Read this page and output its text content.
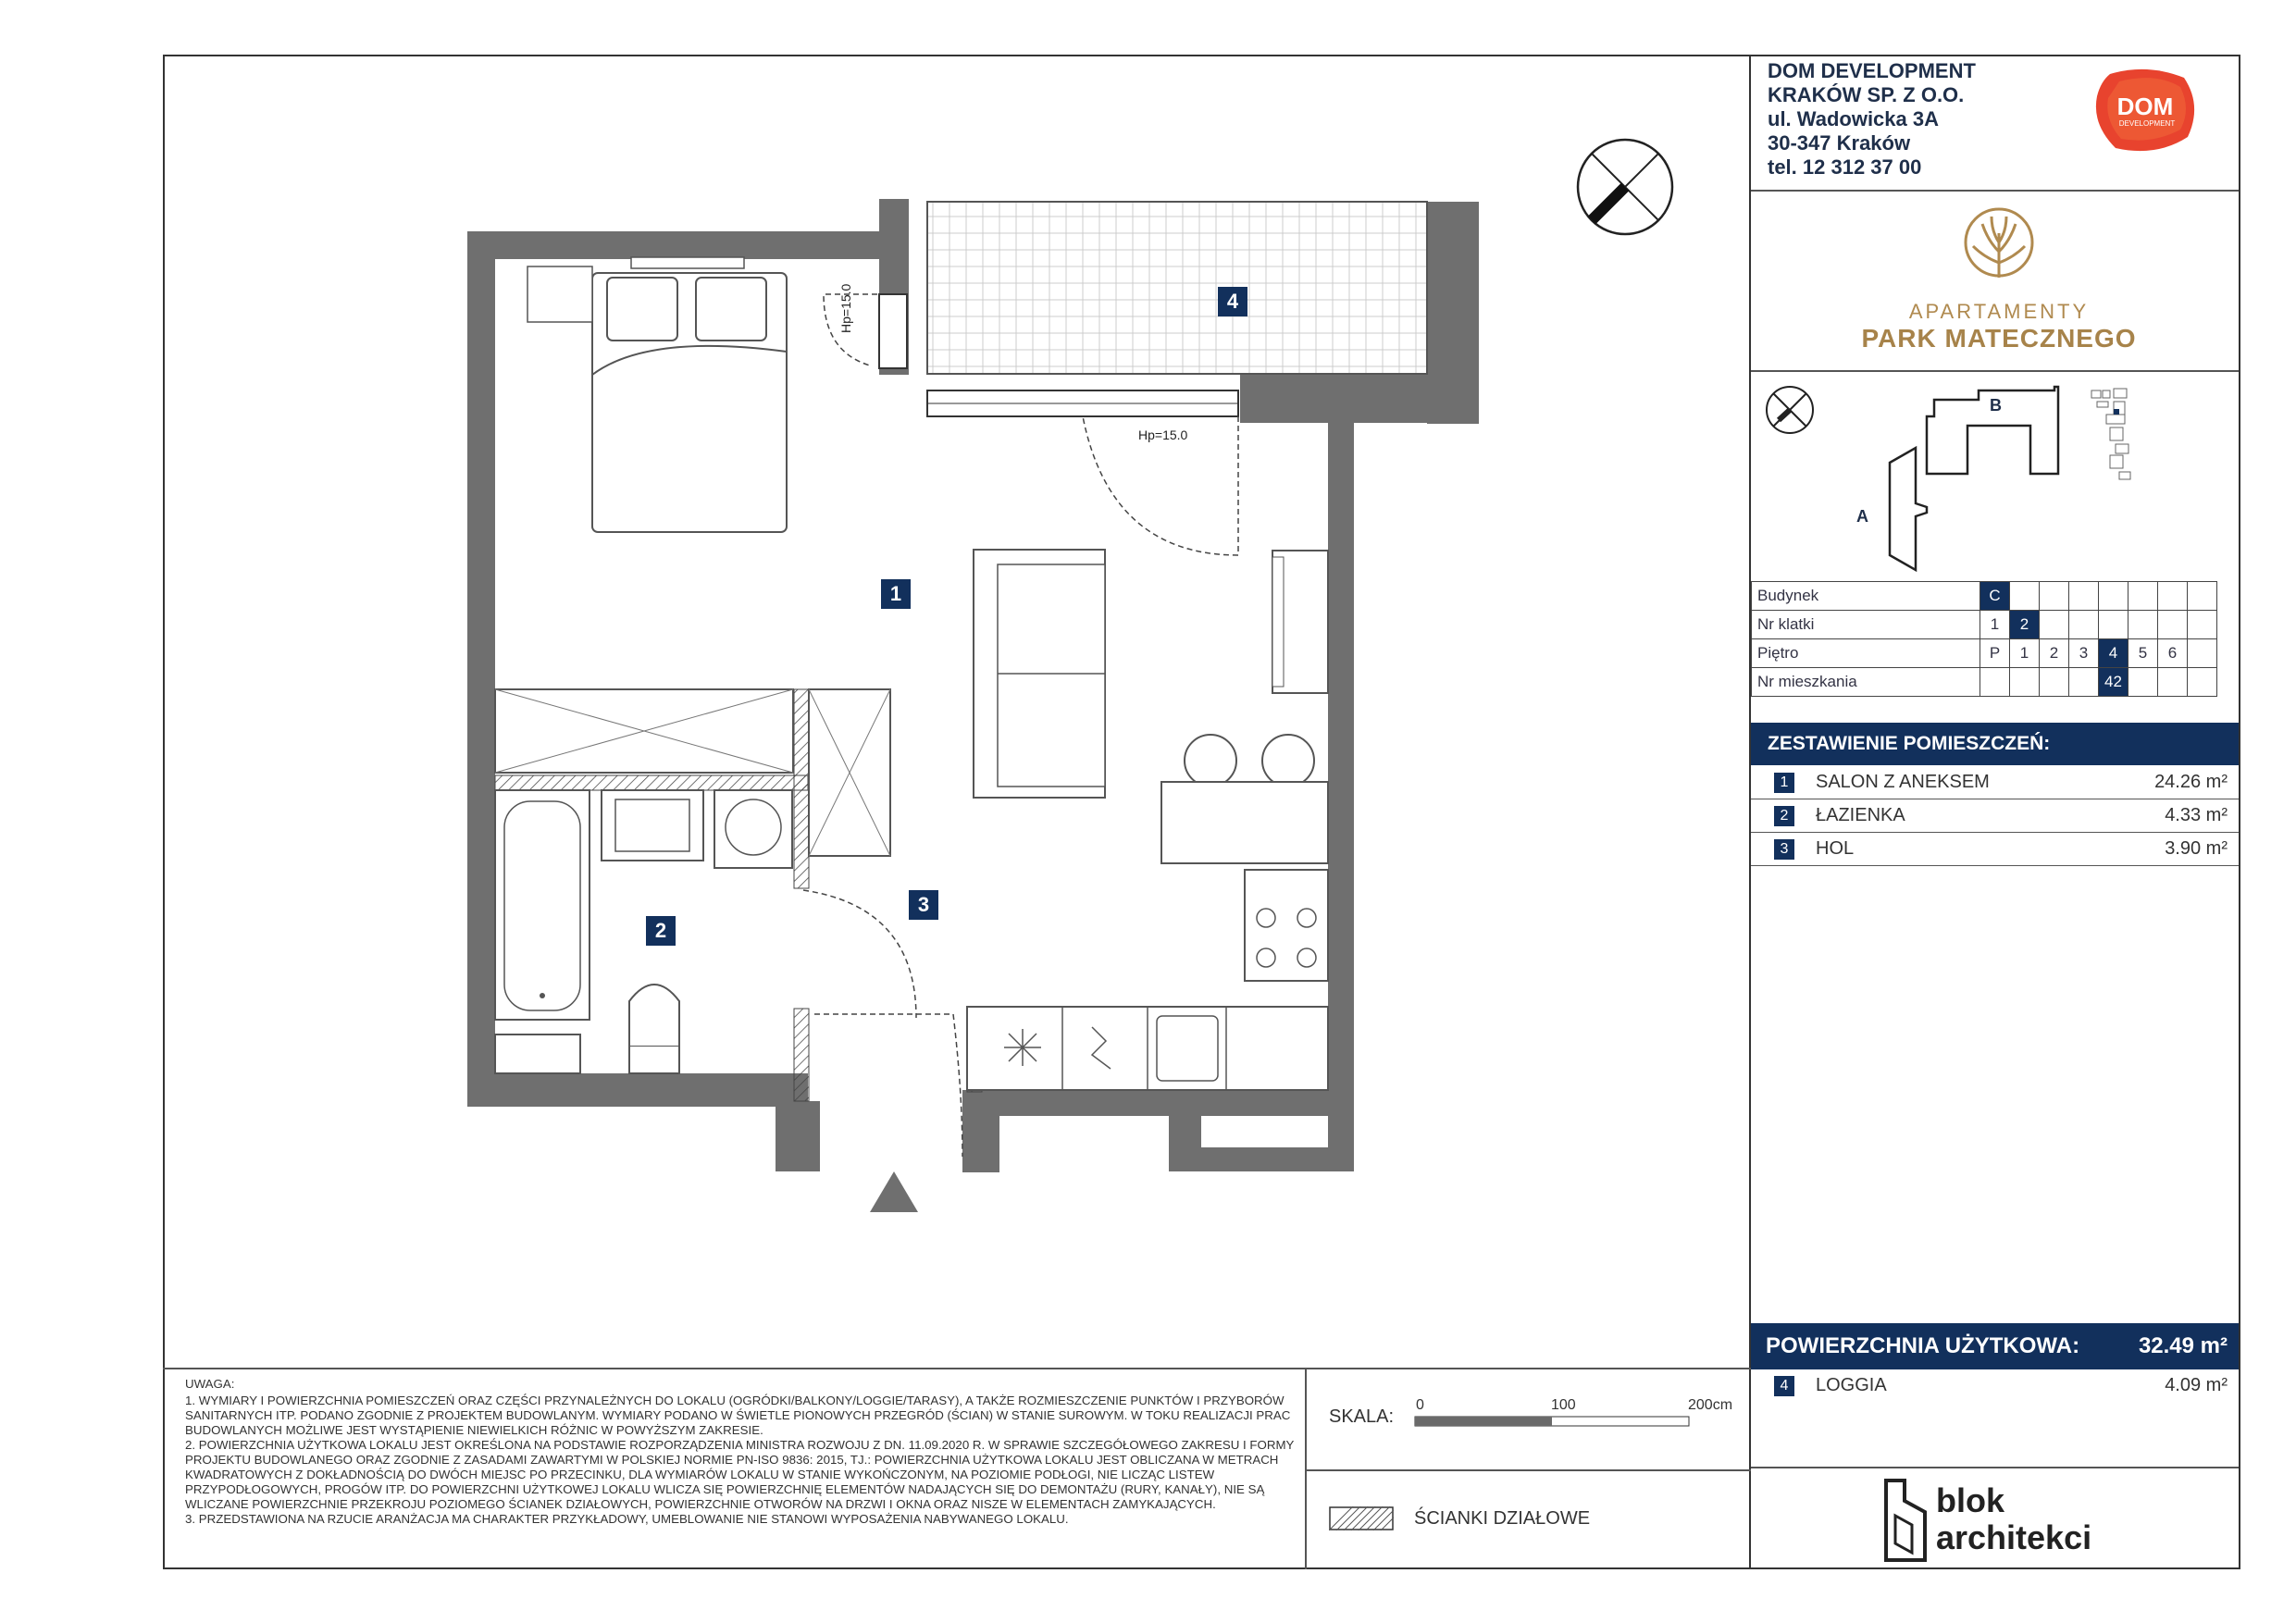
DOM DEVELOPMENT
KRAKÓW SP. Z O.O.
ul. Wadowicka 3A
30-347 Kraków
tel. 12 312 37 00
DOM
DEVELOPMENT
APARTAMENTY
PARK MATECZNEGO
A
B
Budynek	C							
Nr klatki	1	2						
Piętro	P	1	2	3	4	5	6	
Nr mieszkania					42			
ZESTAWIENIE POMIESZCZEŃ:
1	SALON Z ANEKSEM	24.26 m²
2	ŁAZIENKA	4.33 m²
3	HOL	3.90 m²
POWIERZCHNIA UŻYTKOWA:	32.49 m²
4	LOGGIA	4.09 m²
UWAGA:

1. WYMIARY I POWIERZCHNIA POMIESZCZEŃ ORAZ CZĘŚCI PRZYNALEŻNYCH DO LOKALU (OGRÓDKI/BALKONY/LOGGIE/TARASY), A TAKŻE ROZMIESZCZENIE PUNKTÓW I PRZYBORÓW SANITARNYCH ITP. PODANO ZGODNIE Z PROJEKTEM BUDOWLANYM. WYMIARY PODANO W ŚWIETLE PIONOWYCH PRZEGRÓD (ŚCIAN) W STANIE SUROWYM. W TOKU REALIZACJI PRAC BUDOWLANYCH MOŻLIWE JEST WYSTĄPIENIE NIEWIELKICH RÓŻNIC W POWYŻSZYM ZAKRESIE.

2. POWIERZCHNIA UŻYTKOWA LOKALU JEST OKREŚLONA NA PODSTAWIE ROZPORZĄDZENIA MINISTRA ROZWOJU Z DN. 11.09.2020 R. W SPRAWIE SZCZEGÓŁOWEGO ZAKRESU I FORMY PROJEKTU BUDOWLANEGO ORAZ ZGODNIE Z ZASADAMI ZAWARTYMI W POLSKIEJ NORMIE PN-ISO 9836: 2015, TJ.: POWIERZCHNIA UŻYTKOWA LOKALU JEST OBLICZANA W METRACH KWADRATOWYCH Z DOKŁADNOŚCIĄ DO DWÓCH MIEJSC PO PRZECINKU, DLA WYMIARÓW LOKALU W STANIE WYKOŃCZONYM, NA POZIOMIE PODŁOGI, NIE LICZĄC LISTEW PRZYPODŁOGOWYCH, PROGÓW ITP. DO POWIERZCHNI UŻYTKOWEJ LOKALU WLICZA SIĘ POWIERZCHNIĘ ELEMENTÓW NADAJĄCYCH SIĘ DO DEMONTAŻU (RURY, KANAŁY), NIE SĄ WLICZANE POWIERZCHNIE PRZEKROJU POZIOMEGO ŚCIANEK DZIAŁOWYCH, POWIERZCHNIE OTWORÓW NA DRZWI I OKNA ORAZ NISZE W ELEMENTACH ZAMYKAJĄCYCH.

3. PRZEDSTAWIONA NA RZUCIE ARANŻACJA MA CHARAKTER PRZYKŁADOWY, UMEBLOWANIE NIE STANOWI WYPOSAŻENIA NABYWANEGO LOKALU.

SKALA:
0	100	200cm
ŚCIANKI DZIAŁOWE	blok
architekci
1
2
3
4
Hp=15.0
Hp=15.0
